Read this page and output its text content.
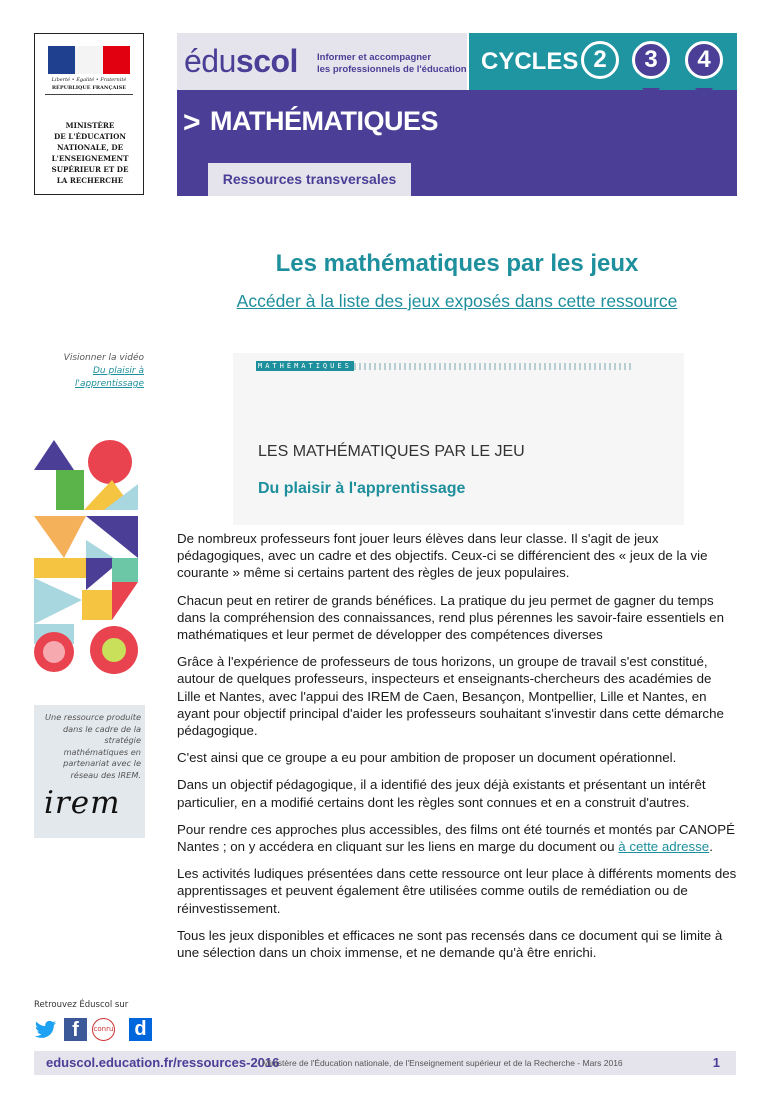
Liberté • Égalité • Fraternité
RÉPUBLIQUE FRANÇAISE
MINISTÈRE
DE L'ÉDUCATION
NATIONALE, DE
L'ENSEIGNEMENT
SUPÉRIEUR ET DE
LA RECHERCHE
éduscol Informer et accompagner
les professionnels de l'éducation CYCLES 2	3	4
> MATHÉMATIQUES
Ressources transversales
Les mathématiques par les jeux
Accéder à la liste des jeux exposés dans cette ressource
Visionner la vidéo
Du plaisir à l'apprentissage
Une ressource produite dans le cadre de la stratégie mathématiques en partenariat avec le réseau des IREM.
irem
MATHÉMATIQUES
LES MATHÉMATIQUES PAR LE JEU
Du plaisir à l'apprentissage

De nombreux professeurs font jouer leurs élèves dans leur classe. Il s'agit de jeux pédagogiques, avec un cadre et des objectifs. Ceux-ci se différencient des « jeux de la vie courante » même si certains partent des règles de jeux populaires.

Chacun peut en retirer de grands bénéfices. La pratique du jeu permet de gagner du temps dans la compréhension des connaissances, rend plus pérennes les savoir-faire essentiels en mathématiques et leur permet de développer des compétences diverses

Grâce à l'expérience de professeurs de tous horizons, un groupe de travail s'est constitué, autour de quelques professeurs, inspecteurs et enseignants-chercheurs des académies de Lille et Nantes, avec l'appui des IREM de Caen, Besançon, Montpellier, Lille et Nantes, en ayant pour objectif principal d'aider les professeurs souhaitant s'investir dans cette démarche pédagogique.

C'est ainsi que ce groupe a eu pour ambition de proposer un document opérationnel.

Dans un objectif pédagogique, il a identifié des jeux déjà existants et présentant un intérêt particulier, en a modifié certains dont les règles sont connues et en a construit d'autres.

Pour rendre ces approches plus accessibles, des films ont été tournés et montés par CANOPÉ Nantes ; on y accédera en cliquant sur les liens en marge du document ou à cette adresse.

Les activités ludiques présentées dans cette ressource ont leur place à différents moments des apprentissages et peuvent également être utilisées comme outils de remédiation ou de réinvestissement.

Tous les jeux disponibles et efficaces ne sont pas recensés dans ce document qui se limite à une sélection dans un choix immense, et ne demande qu'à être enrichi.

Retrouvez Éduscol sur
f	conru d
eduscol.education.fr/ressources-2016
- Ministère de l'Éducation nationale, de l'Enseignement supérieur et de la Recherche - Mars 2016	1
